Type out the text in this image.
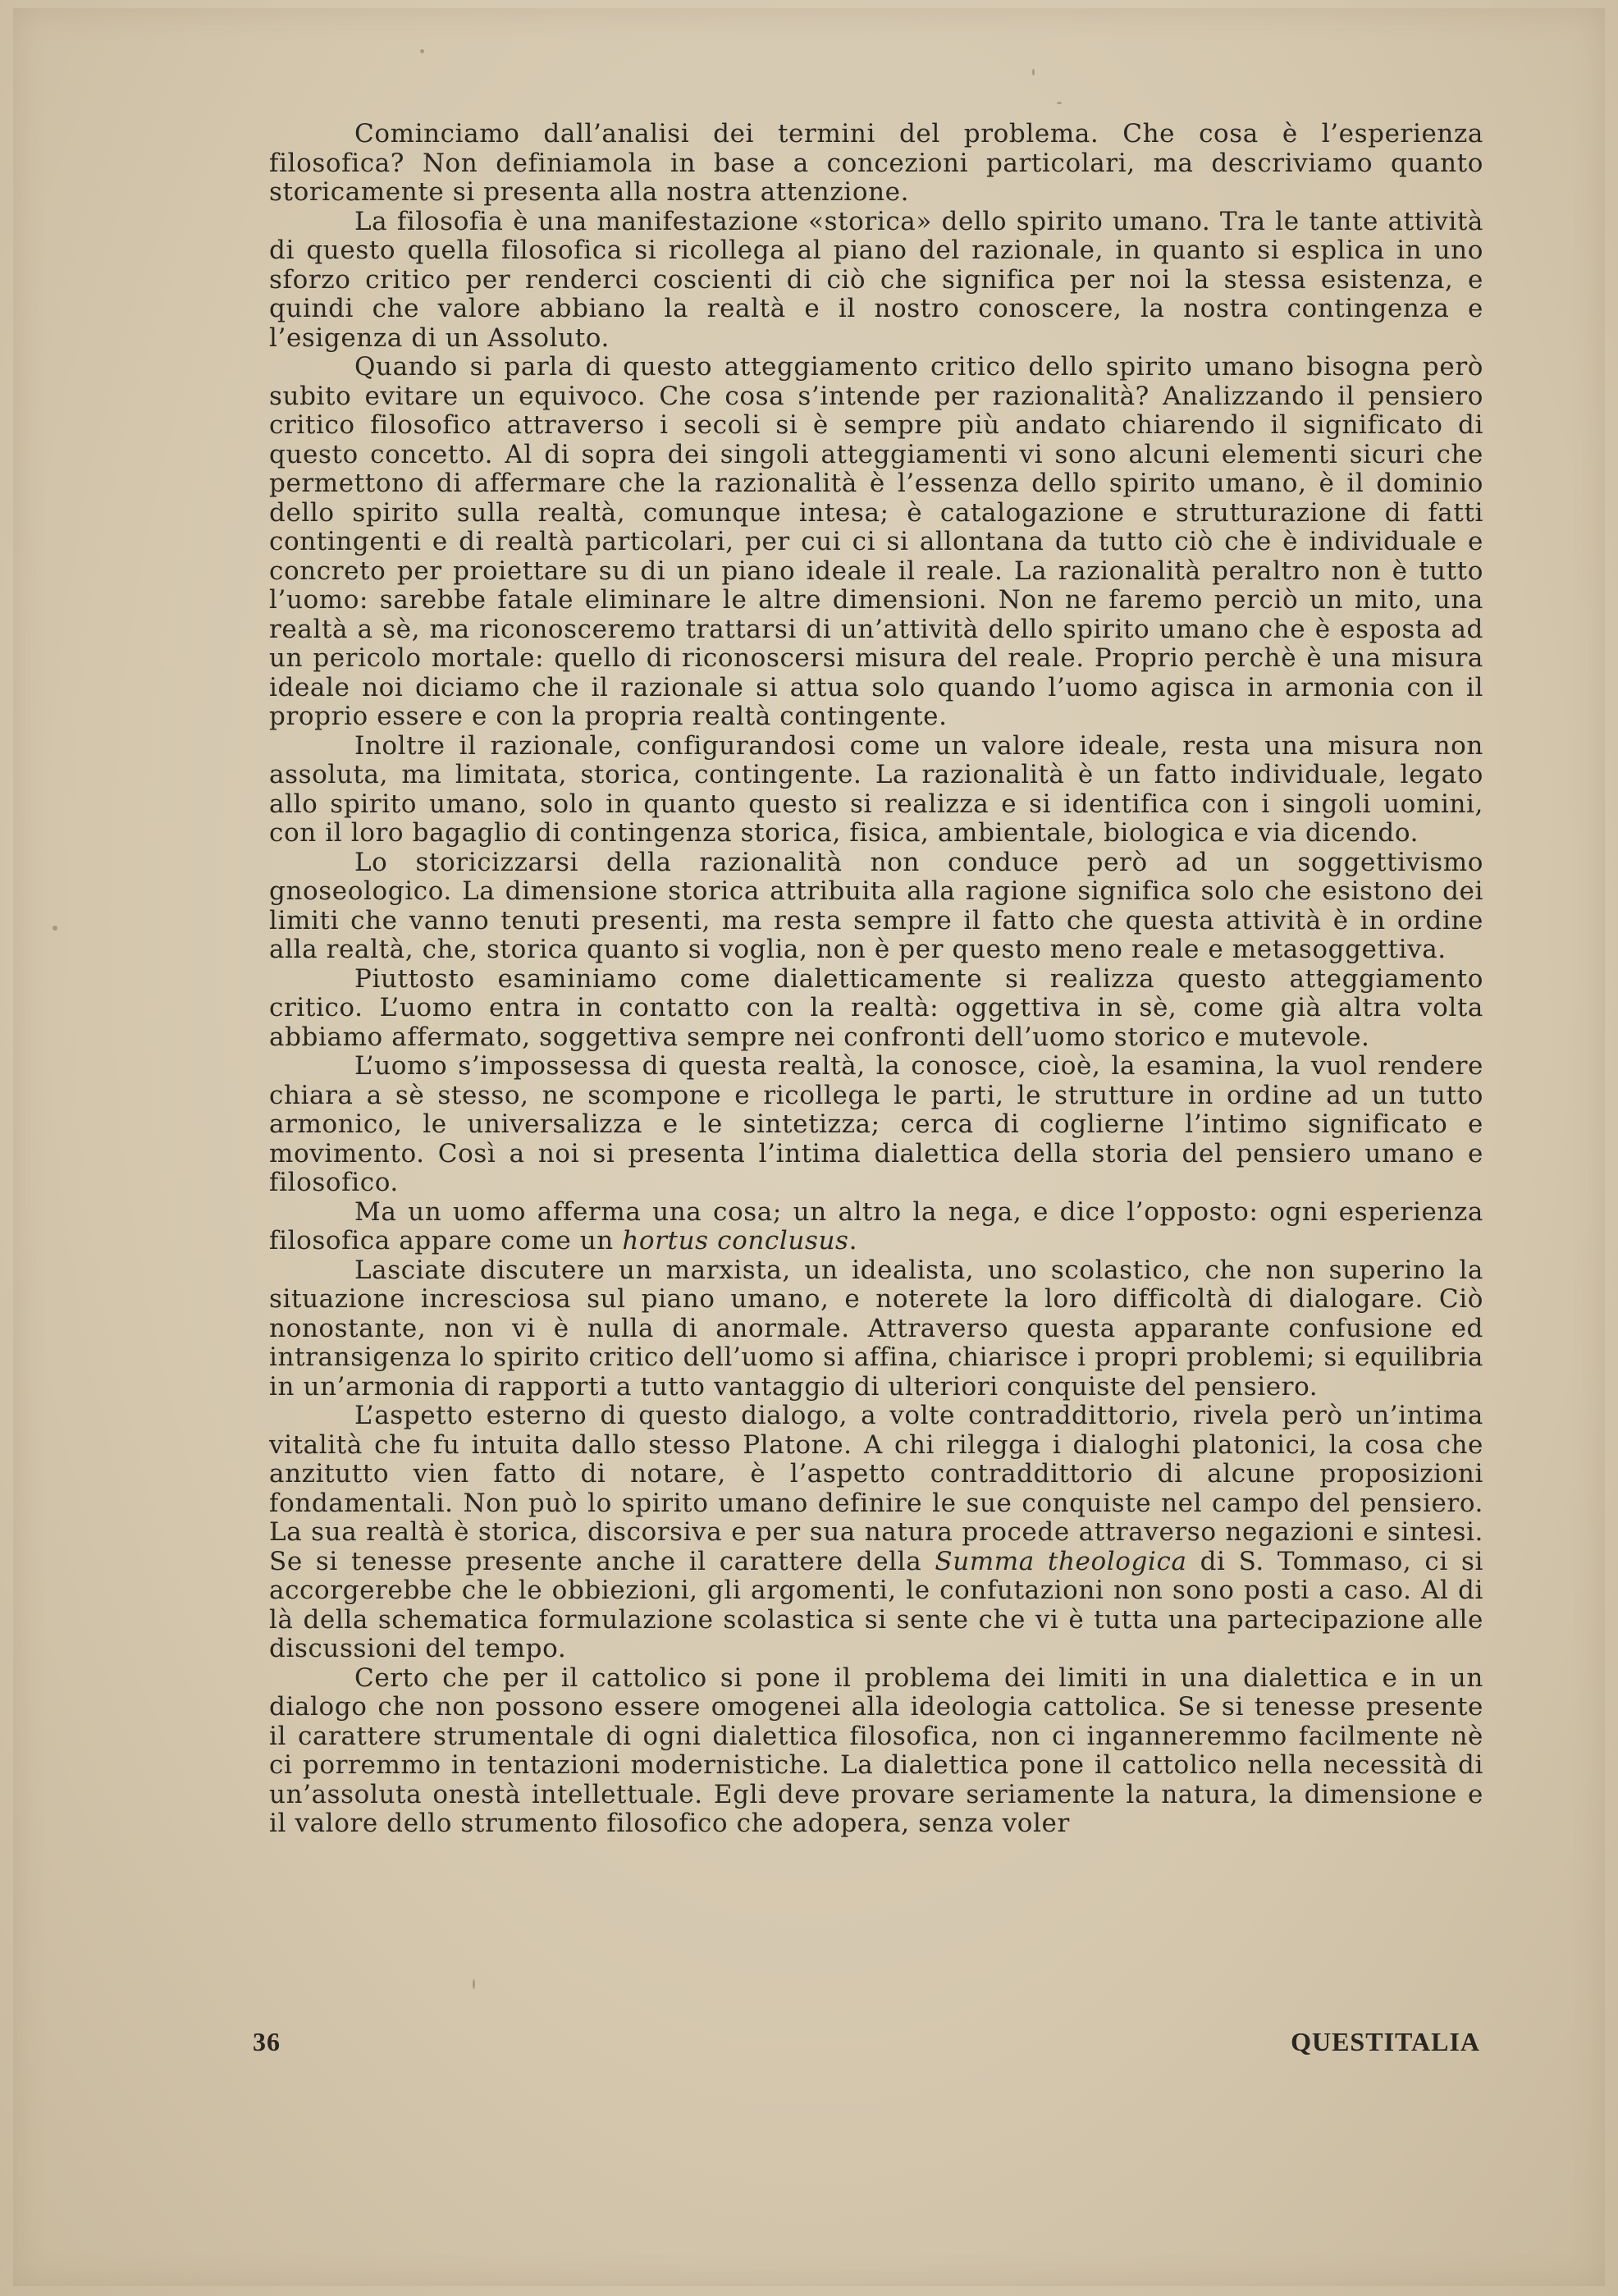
Cominciamo dall’analisi dei termini del problema. Che cosa è l’esperienza filosofica? Non definiamola in base a concezioni particolari, ma descriviamo quanto storicamente si presenta alla nostra attenzione.

La filosofia è una manifestazione «storica» dello spirito umano. Tra le tante attività di questo quella filosofica si ricollega al piano del razionale, in quanto si esplica in uno sforzo critico per renderci coscienti di ciò che significa per noi la stessa esistenza, e quindi che valore abbiano la realtà e il nostro conoscere, la nostra contingenza e l’esigenza di un Assoluto.

Quando si parla di questo atteggiamento critico dello spirito umano bisogna però subito evitare un equivoco. Che cosa s’intende per razionalità? Analizzando il pensiero critico filosofico attraverso i secoli si è sempre più andato chiarendo il significato di questo concetto. Al di sopra dei singoli atteggiamenti vi sono alcuni elementi sicuri che permettono di affermare che la razionalità è l’essenza dello spirito umano, è il dominio dello spirito sulla realtà, comunque intesa; è catalogazione e strutturazione di fatti contingenti e di realtà particolari, per cui ci si allontana da tutto ciò che è individuale e concreto per proiettare su di un piano ideale il reale. La razionalità peraltro non è tutto l’uomo: sarebbe fatale eliminare le altre dimensioni. Non ne faremo perciò un mito, una realtà a sè, ma riconosceremo trattarsi di un’attività dello spirito umano che è esposta ad un pericolo mortale: quello di riconoscersi misura del reale. Proprio perchè è una misura ideale noi diciamo che il razionale si attua solo quando l’uomo agisca in armonia con il proprio essere e con la propria realtà contingente.

Inoltre il razionale, configurandosi come un valore ideale, resta una misura non assoluta, ma limitata, storica, contingente. La razionalità è un fatto individuale, legato allo spirito umano, solo in quanto questo si realizza e si identifica con i singoli uomini, con il loro bagaglio di contingenza storica, fisica, ambientale, biologica e via dicendo.

Lo storicizzarsi della razionalità non conduce però ad un soggettivismo gnoseologico. La dimensione storica attribuita alla ragione significa solo che esistono dei limiti che vanno tenuti presenti, ma resta sempre il fatto che questa attività è in ordine alla realtà, che, storica quanto si voglia, non è per questo meno reale e metasoggettiva.

Piuttosto esaminiamo come dialetticamente si realizza questo atteggiamento critico. L’uomo entra in contatto con la realtà: oggettiva in sè, come già altra volta abbiamo affermato, soggettiva sempre nei confronti dell’uomo storico e mutevole.

L’uomo s’impossessa di questa realtà, la conosce, cioè, la esamina, la vuol rendere chiara a sè stesso, ne scompone e ricollega le parti, le strutture in ordine ad un tutto armonico, le universalizza e le sintetizza; cerca di coglierne l’intimo significato e movimento. Così a noi si presenta l’intima dialettica della storia del pensiero umano e filosofico.

Ma un uomo afferma una cosa; un altro la nega, e dice l’opposto: ogni esperienza filosofica appare come un hortus conclusus.

Lasciate discutere un marxista, un idealista, uno scolastico, che non superino la situazione incresciosa sul piano umano, e noterete la loro difficoltà di dialogare. Ciò nonostante, non vi è nulla di anormale. Attraverso questa apparante confusione ed intransigenza lo spirito critico dell’uomo si affina, chiarisce i propri problemi; si equilibria in un’armonia di rapporti a tutto vantaggio di ulteriori conquiste del pensiero.

L’aspetto esterno di questo dialogo, a volte contraddittorio, rivela però un’intima vitalità che fu intuita dallo stesso Platone. A chi rilegga i dialoghi platonici, la cosa che anzitutto vien fatto di notare, è l’aspetto contraddittorio di alcune proposizioni fondamentali. Non può lo spirito umano definire le sue conquiste nel campo del pensiero. La sua realtà è storica, discorsiva e per sua natura procede attraverso negazioni e sintesi. Se si tenesse presente anche il carattere della Summa theologica di S. Tommaso, ci si accorgerebbe che le obbiezioni, gli argomenti, le confutazioni non sono posti a caso. Al di là della schematica formulazione scolastica si sente che vi è tutta una partecipazione alle discussioni del tempo.

Certo che per il cattolico si pone il problema dei limiti in una dialettica e in un dialogo che non possono essere omogenei alla ideologia cattolica. Se si tenesse presente il carattere strumentale di ogni dialettica filosofica, non ci inganneremmo facilmente nè ci porremmo in tentazioni modernistiche. La dialettica pone il cattolico nella necessità di un’assoluta onestà intellettuale. Egli deve provare seriamente la natura, la dimensione e il valore dello strumento filosofico che adopera, senza voler

36	QUESTITALIA
